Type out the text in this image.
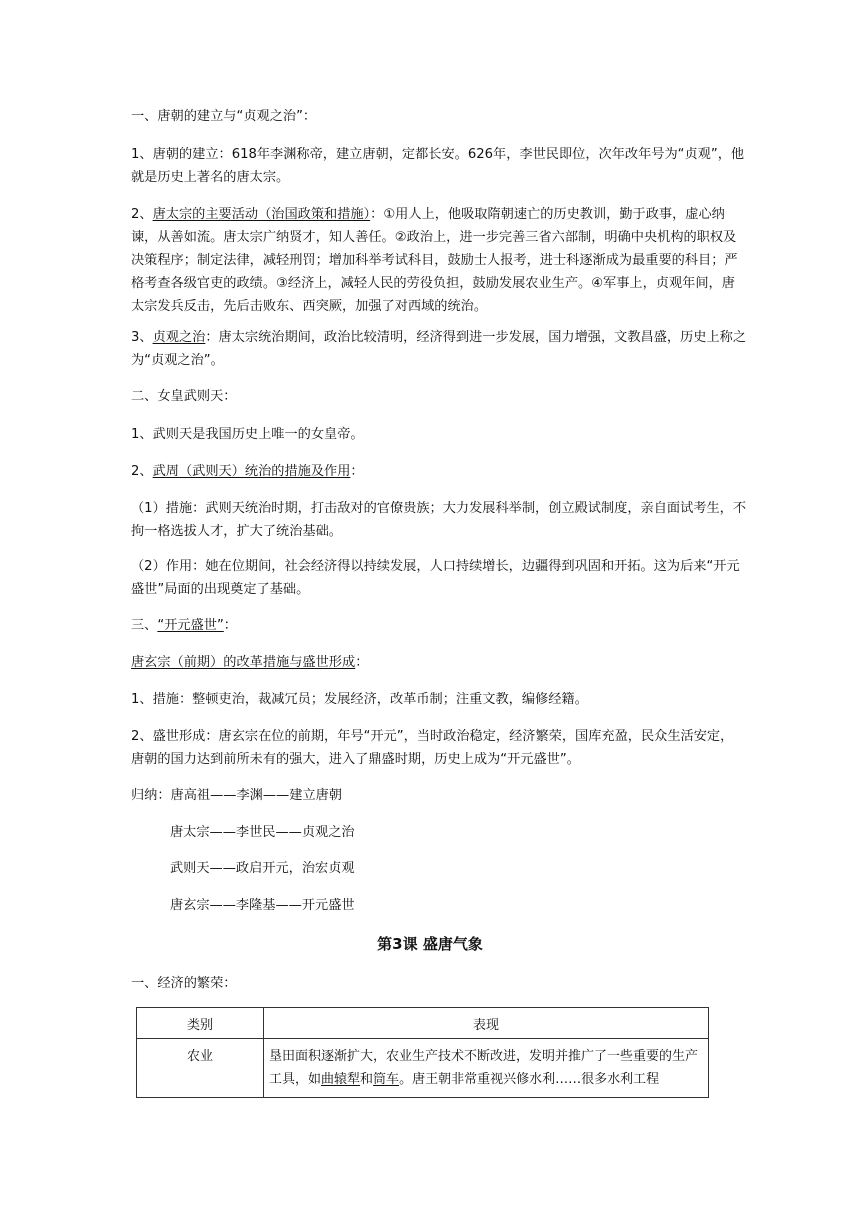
一、唐朝的建立与“贞观之治”：

1、唐朝的建立：618年李渊称帝，建立唐朝，定都长安。626年，李世民即位，次年改年号为“贞观”，他就是历史上著名的唐太宗。

2、唐太宗的主要活动（治国政策和措施）：①用人上，他吸取隋朝速亡的历史教训，勤于政事，虚心纳谏，从善如流。唐太宗广纳贤才，知人善任。②政治上，进一步完善三省六部制，明确中央机构的职权及决策程序；制定法律，减轻刑罚；增加科举考试科目，鼓励士人报考，进士科逐渐成为最重要的科目；严格考查各级官吏的政绩。③经济上，减轻人民的劳役负担，鼓励发展农业生产。④军事上，贞观年间，唐太宗发兵反击，先后击败东、西突厥，加强了对西域的统治。

3、贞观之治：唐太宗统治期间，政治比较清明，经济得到进一步发展，国力增强，文教昌盛，历史上称之为“贞观之治”。

二、女皇武则天：

1、武则天是我国历史上唯一的女皇帝。

2、武周（武则天）统治的措施及作用：

（1）措施：武则天统治时期，打击敌对的官僚贵族；大力发展科举制，创立殿试制度，亲自面试考生，不拘一格选拔人才，扩大了统治基础。

（2）作用：她在位期间，社会经济得以持续发展，人口持续增长，边疆得到巩固和开拓。这为后来“开元盛世”局面的出现奠定了基础。

三、“开元盛世”：

唐玄宗（前期）的改革措施与盛世形成：

1、措施：整顿吏治，裁减冗员；发展经济，改革币制；注重文教，编修经籍。

2、盛世形成：唐玄宗在位的前期，年号“开元”，当时政治稳定，经济繁荣，国库充盈，民众生活安定，唐朝的国力达到前所未有的强大，进入了鼎盛时期，历史上成为“开元盛世”。

归纳：唐高祖——李渊——建立唐朝

唐太宗——李世民——贞观之治

武则天——政启开元，治宏贞观

唐玄宗——李隆基——开元盛世

第3课 盛唐气象

一、经济的繁荣：

类别	表现
农业	垦田面积逐渐扩大，农业生产技术不断改进，发明并推广了一些重要的生产工具，如曲辕犁和筒车。唐王朝非常重视兴修水利……很多水利工程
